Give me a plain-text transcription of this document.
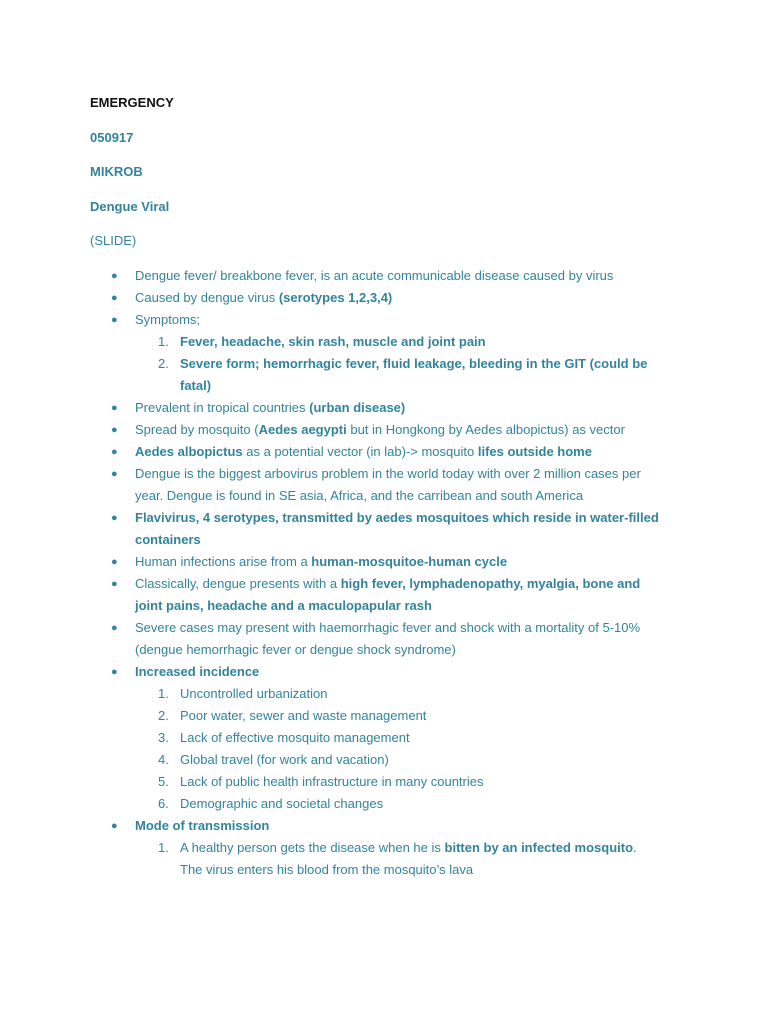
EMERGENCY

050917

MIKROB

Dengue Viral

(SLIDE)

● Dengue fever/ breakbone fever, is an acute communicable disease caused by virus
● Caused by dengue virus (serotypes 1,2,3,4)
● Symptoms;
1. Fever, headache, skin rash, muscle and joint pain
2. Severe form; hemorrhagic fever, fluid leakage, bleeding in the GIT (could be
fatal)
● Prevalent in tropical countries (urban disease)
● Spread by mosquito (Aedes aegypti but in Hongkong by Aedes albopictus) as vector
● Aedes albopictus as a potential vector (in lab)-> mosquito lifes outside home
● Dengue is the biggest arbovirus problem in the world today with over 2 million cases per
year. Dengue is found in SE asia, Africa, and the carribean and south America
● Flavivirus, 4 serotypes, transmitted by aedes mosquitoes which reside in water-filled
containers
● Human infections arise from a human-mosquitoe-human cycle
● Classically, dengue presents with a high fever, lymphadenopathy, myalgia, bone and
joint pains, headache and a maculopapular rash
● Severe cases may present with haemorrhagic fever and shock with a mortality of 5-10%
(dengue hemorrhagic fever or dengue shock syndrome)
● Increased incidence
1. Uncontrolled urbanization
2. Poor water, sewer and waste management
3. Lack of effective mosquito management
4. Global travel (for work and vacation)
5. Lack of public health infrastructure in many countries
6. Demographic and societal changes
● Mode of transmission
1. A healthy person gets the disease when he is bitten by an infected mosquito.
The virus enters his blood from the mosquito’s lava
